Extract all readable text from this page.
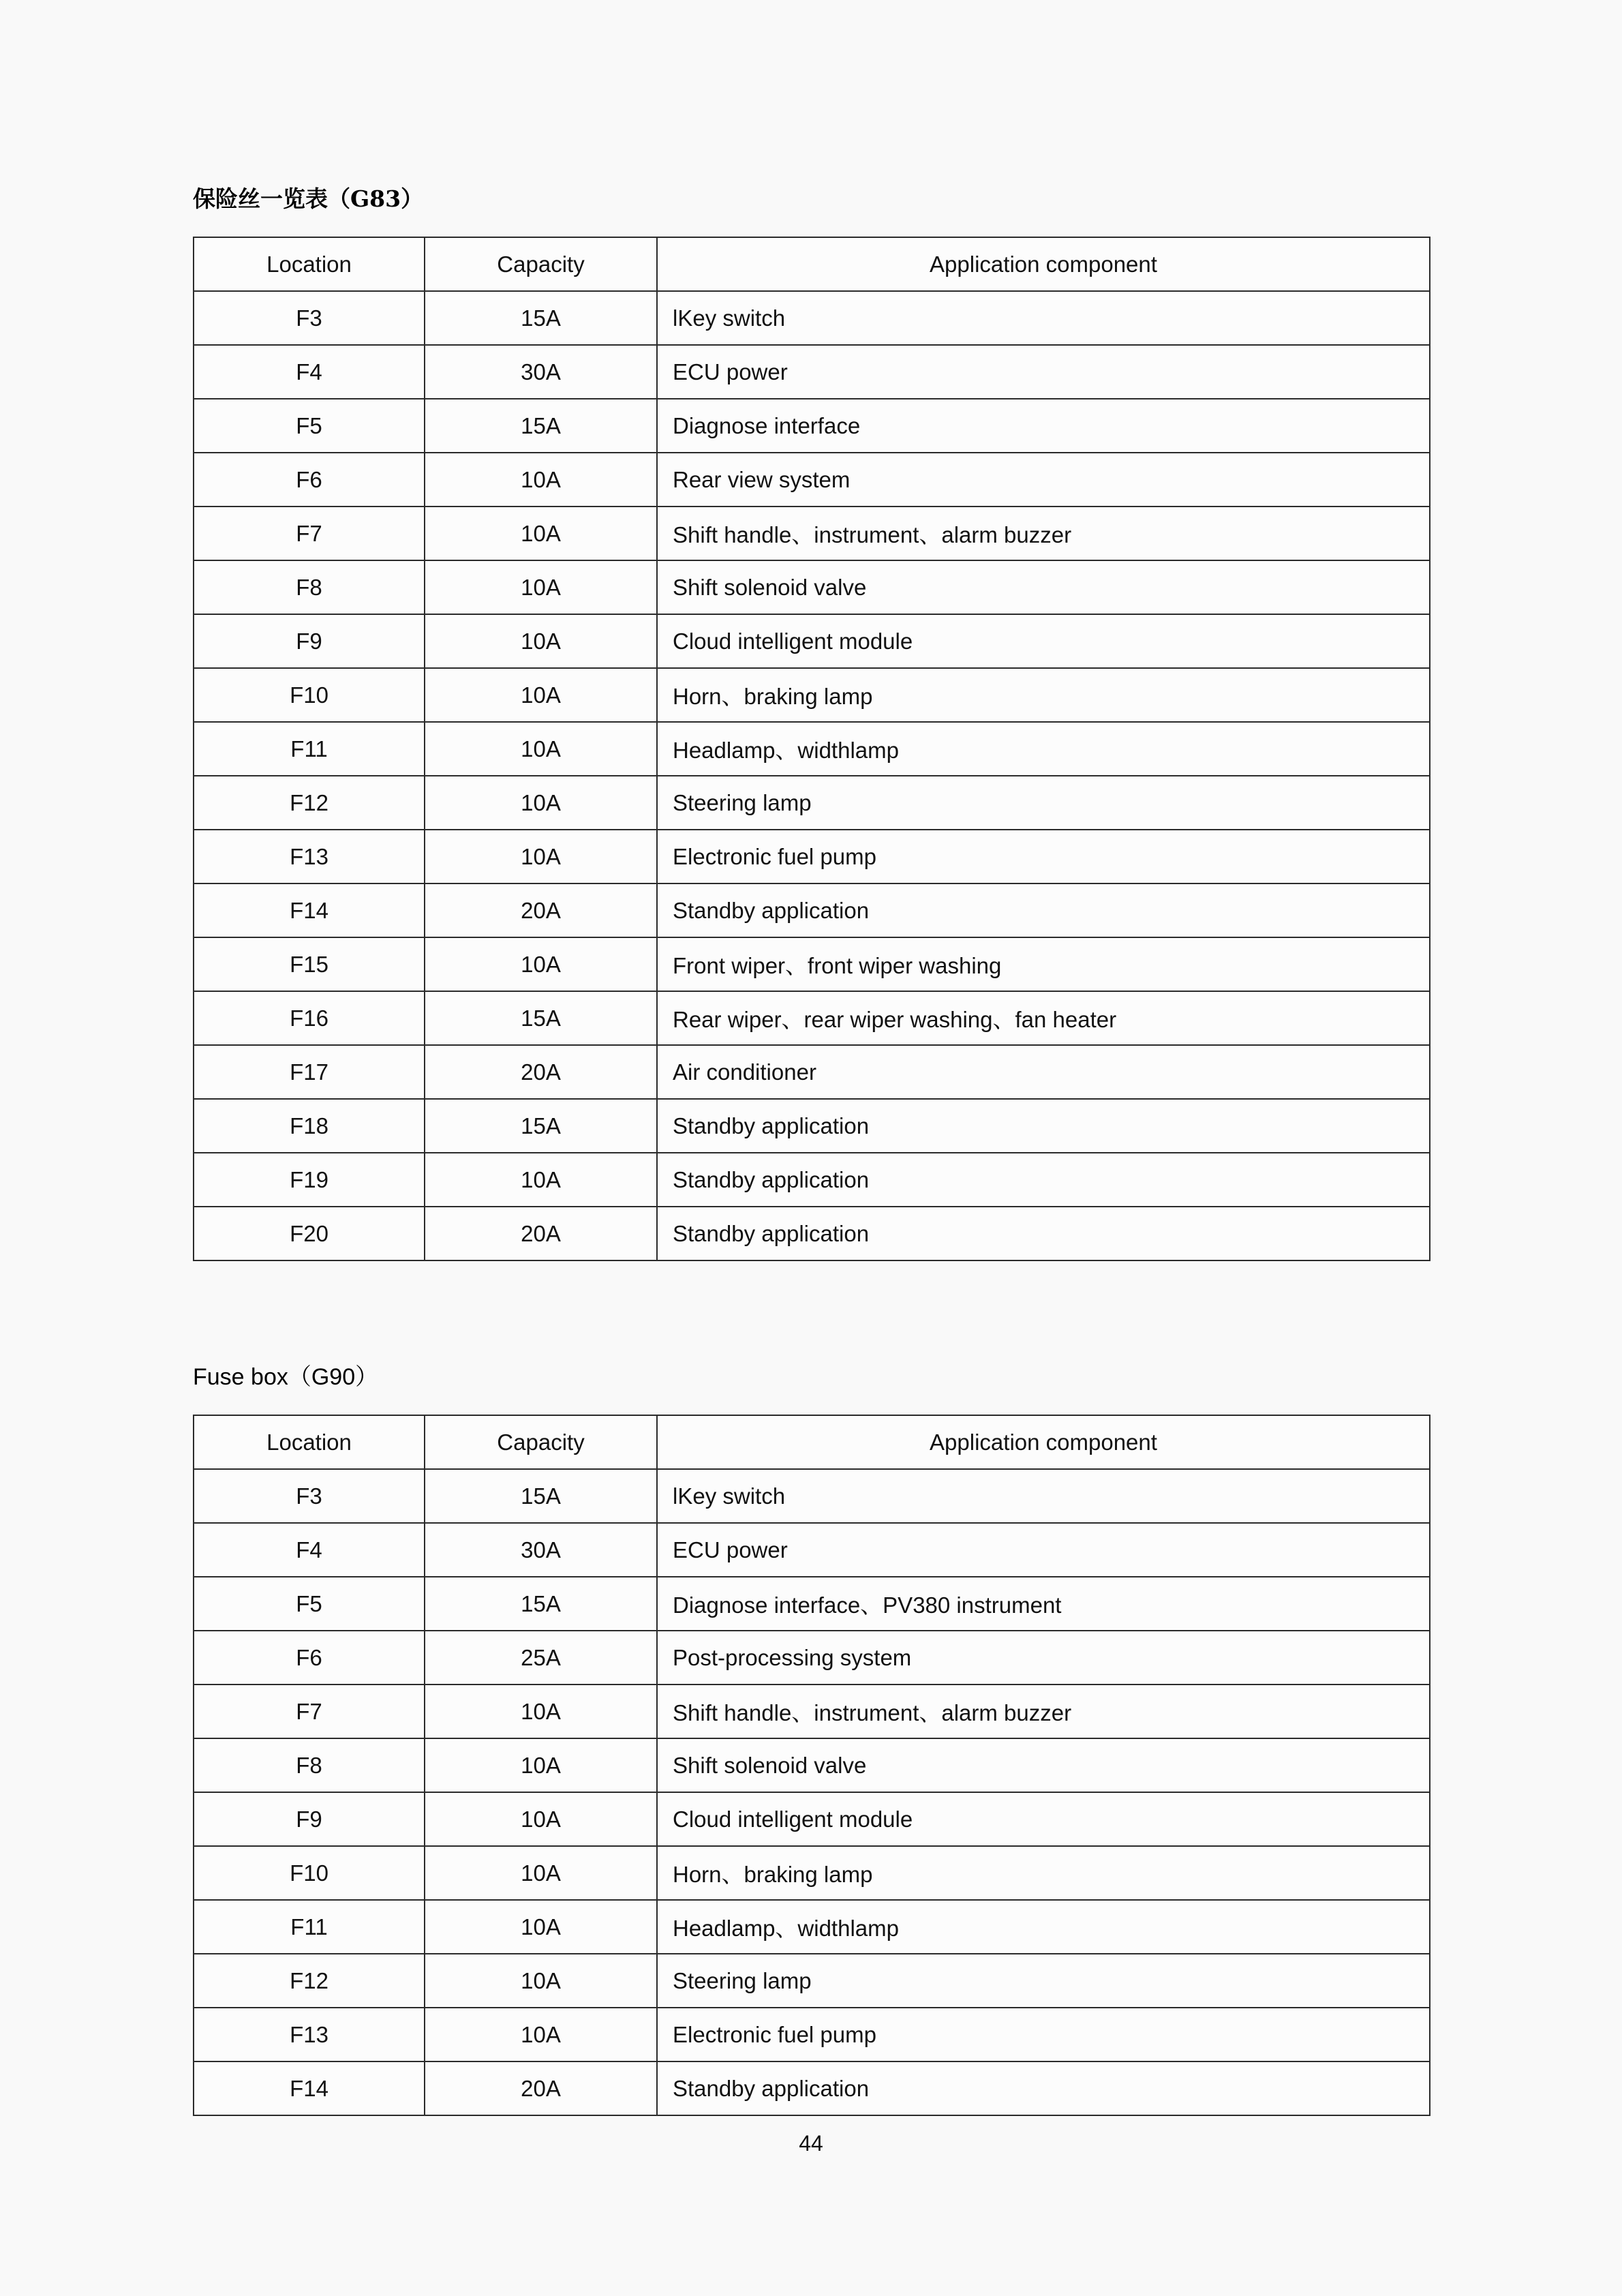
保险丝一览表（G83）
Location	Capacity	Application component
F3	15A	lKey switch
F4	30A	ECU power
F5	15A	Diagnose interface
F6	10A	Rear view system
F7	10A	Shift handle、instrument、alarm buzzer
F8	10A	Shift solenoid valve
F9	10A	Cloud intelligent module
F10	10A	Horn、braking lamp
F11	10A	Headlamp、widthlamp
F12	10A	Steering lamp
F13	10A	Electronic fuel pump
F14	20A	Standby application
F15	10A	Front wiper、front wiper washing
F16	15A	Rear wiper、rear wiper washing、fan heater
F17	20A	Air conditioner
F18	15A	Standby application
F19	10A	Standby application
F20	20A	Standby application
Fuse box（G90）
Location	Capacity	Application component
F3	15A	lKey switch
F4	30A	ECU power
F5	15A	Diagnose interface、PV380 instrument
F6	25A	Post-processing system
F7	10A	Shift handle、instrument、alarm buzzer
F8	10A	Shift solenoid valve
F9	10A	Cloud intelligent module
F10	10A	Horn、braking lamp
F11	10A	Headlamp、widthlamp
F12	10A	Steering lamp
F13	10A	Electronic fuel pump
F14	20A	Standby application
44
